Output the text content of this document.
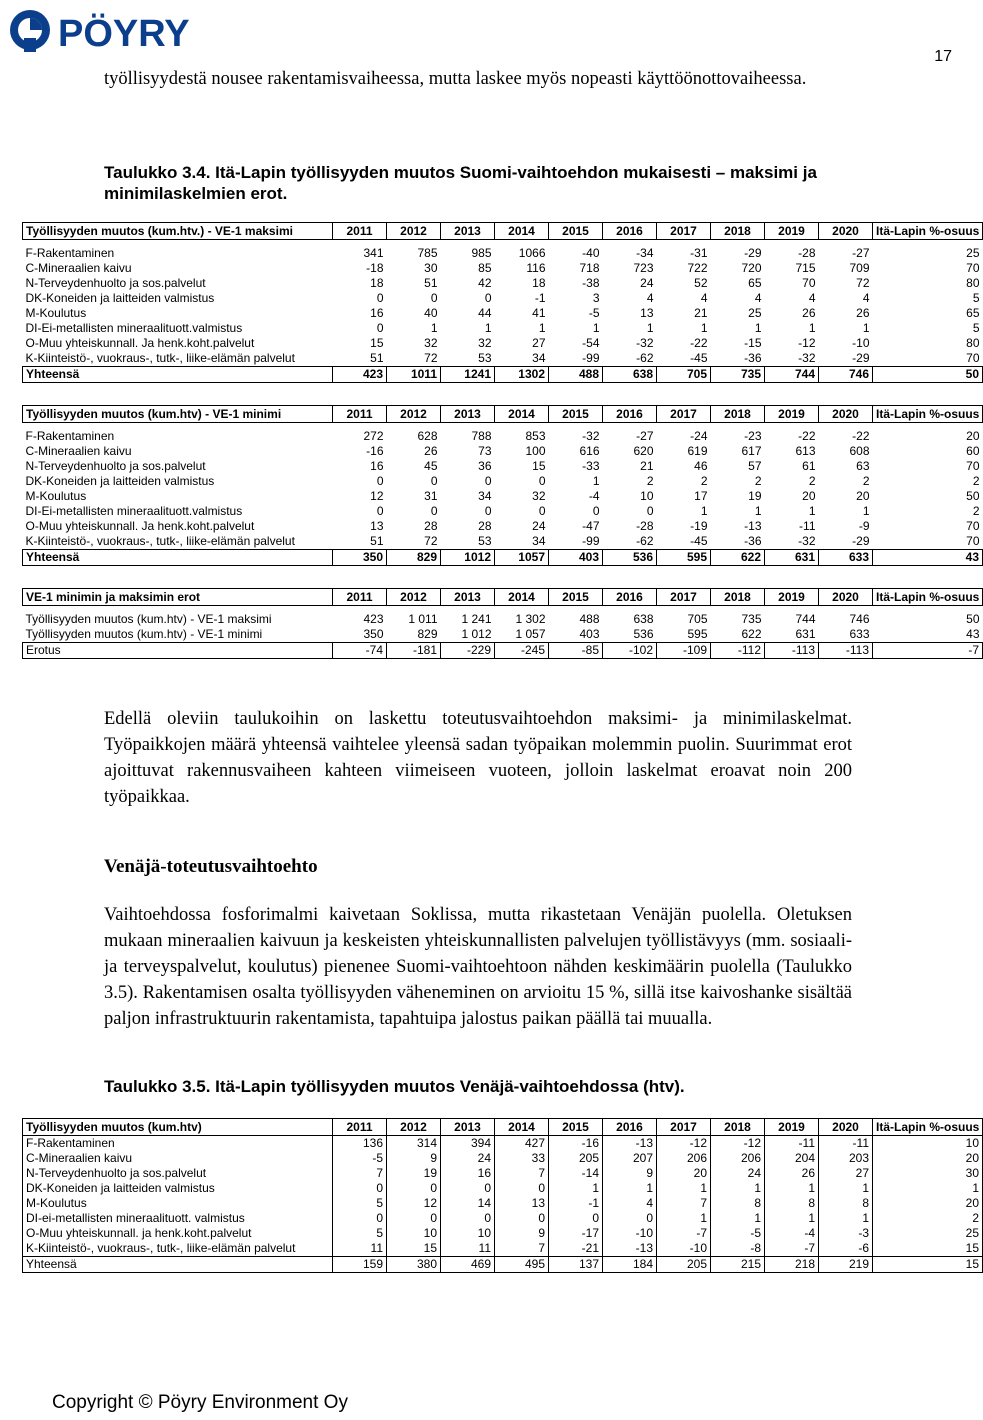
PÖYRY
17

työllisyydestä nousee rakentamisvaiheessa, mutta laskee myös nopeasti käyttöönottovaiheessa.

Taulukko 3.4. Itä-Lapin työllisyyden muutos Suomi-vaihtoehdon mukaisesti – maksimi ja minimilaskelmien erot.

Työllisyyden muutos (kum.htv.) - VE-1 maksimi	2011	2012	2013	2014	2015	2016	2017	2018	2019	2020	Itä-Lapin %-osuus

F-Rakentaminen	341	785	985	1066	-40	-34	-31	-29	-28	-27	25
C-Mineraalien kaivu	-18	30	85	116	718	723	722	720	715	709	70
N-Terveydenhuolto ja sos.palvelut	18	51	42	18	-38	24	52	65	70	72	80
DK-Koneiden ja laitteiden valmistus	0	0	0	-1	3	4	4	4	4	4	5
M-Koulutus	16	40	44	41	-5	13	21	25	26	26	65
DI-Ei-metallisten mineraalituott.valmistus	0	1	1	1	1	1	1	1	1	1	5
O-Muu yhteiskunnall. Ja henk.koht.palvelut	15	32	32	27	-54	-32	-22	-15	-12	-10	80
K-Kiinteistö-, vuokraus-, tutk-, liike-elämän palvelut	51	72	53	34	-99	-62	-45	-36	-32	-29	70
Yhteensä	423	1011	1241	1302	488	638	705	735	744	746	50
Työllisyyden muutos (kum.htv) - VE-1 minimi	2011	2012	2013	2014	2015	2016	2017	2018	2019	2020	Itä-Lapin %-osuus

F-Rakentaminen	272	628	788	853	-32	-27	-24	-23	-22	-22	20
C-Mineraalien kaivu	-16	26	73	100	616	620	619	617	613	608	60
N-Terveydenhuolto ja sos.palvelut	16	45	36	15	-33	21	46	57	61	63	70
DK-Koneiden ja laitteiden valmistus	0	0	0	0	1	2	2	2	2	2	2
M-Koulutus	12	31	34	32	-4	10	17	19	20	20	50
DI-Ei-metallisten mineraalituott.valmistus	0	0	0	0	0	0	1	1	1	1	2
O-Muu yhteiskunnall. Ja henk.koht.palvelut	13	28	28	24	-47	-28	-19	-13	-11	-9	70
K-Kiinteistö-, vuokraus-, tutk-, liike-elämän palvelut	51	72	53	34	-99	-62	-45	-36	-32	-29	70
Yhteensä	350	829	1012	1057	403	536	595	622	631	633	43
VE-1 minimin ja maksimin erot	2011	2012	2013	2014	2015	2016	2017	2018	2019	2020	Itä-Lapin %-osuus

Työllisyyden muutos (kum.htv) - VE-1 maksimi	423	1 011	1 241	1 302	488	638	705	735	744	746	50
Työllisyyden muutos (kum.htv) - VE-1 minimi	350	829	1 012	1 057	403	536	595	622	631	633	43
Erotus	-74	-181	-229	-245	-85	-102	-109	-112	-113	-113	-7

Edellä oleviin taulukoihin on laskettu toteutusvaihtoehdon maksimi- ja minimilaskelmat. Työpaikkojen määrä yhteensä vaihtelee yleensä sadan työpaikan molemmin puolin. Suurimmat erot ajoittuvat rakennusvaiheen kahteen viimeiseen vuoteen, jolloin laskelmat eroavat noin 200 työpaikkaa.

Venäjä-toteutusvaihtoehto

Vaihtoehdossa fosforimalmi kaivetaan Soklissa, mutta rikastetaan Venäjän puolella. Oletuksen mukaan mineraalien kaivuun ja keskeisten yhteiskunnallisten palvelujen työllistävyys (mm. sosiaali- ja terveyspalvelut, koulutus) pienenee Suomi-vaihtoehtoon nähden keskimäärin puolella (Taulukko 3.5). Rakentamisen osalta työllisyyden väheneminen on arvioitu 15 %, sillä itse kaivoshanke sisältää paljon infrastruktuurin rakentamista, tapahtuipa jalostus paikan päällä tai muualla.

Taulukko 3.5. Itä-Lapin työllisyyden muutos Venäjä-vaihtoehdossa (htv).

Työllisyyden muutos (kum.htv)	2011	2012	2013	2014	2015	2016	2017	2018	2019	2020	Itä-Lapin %-osuus
F-Rakentaminen	136	314	394	427	-16	-13	-12	-12	-11	-11	10
C-Mineraalien kaivu	-5	9	24	33	205	207	206	206	204	203	20
N-Terveydenhuolto ja sos.palvelut	7	19	16	7	-14	9	20	24	26	27	30
DK-Koneiden ja laitteiden valmistus	0	0	0	0	1	1	1	1	1	1	1
M-Koulutus	5	12	14	13	-1	4	7	8	8	8	20
DI-ei-metallisten mineraalituott. valmistus	0	0	0	0	0	0	1	1	1	1	2
O-Muu yhteiskunnall. ja henk.koht.palvelut	5	10	10	9	-17	-10	-7	-5	-4	-3	25
K-Kiinteistö-, vuokraus-, tutk-, liike-elämän palvelut	11	15	11	7	-21	-13	-10	-8	-7	-6	15
Yhteensä	159	380	469	495	137	184	205	215	218	219	15

Copyright © Pöyry Environment Oy
